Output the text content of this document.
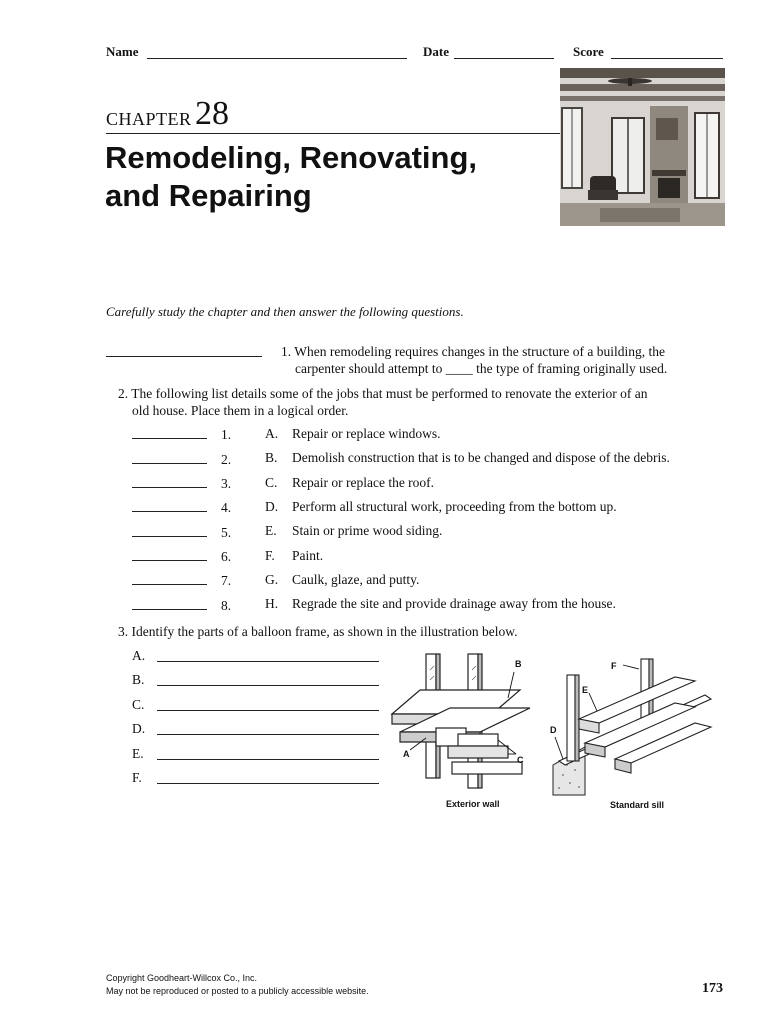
Name	Date	Score
CHAPTER 28
Remodeling, Renovating,
and Repairing
Carefully study the chapter and then answer the following questions.
1. When remodeling requires changes in the structure of a building, the
carpenter should attempt to ____ the type of framing originally used.
2. The following list details some of the jobs that must be performed to renovate the exterior of an
old house. Place them in a logical order.
1.	A. Repair or replace windows.
2.	B. Demolish construction that is to be changed and dispose of the debris.
3.	C. Repair or replace the roof.
4.	D. Perform all structural work, proceeding from the bottom up.
5.	E. Stain or prime wood siding.
6.	F. Paint.
7.	G. Caulk, glaze, and putty.
8.	H. Regrade the site and provide drainage away from the house.
3. Identify the parts of a balloon frame, as shown in the illustration below.
A.
B.
C.
D.
E.
F.
B
A
C
F
E
D
Exterior wall	Standard sill
Copyright Goodheart-Willcox Co., Inc.
May not be reproduced or posted to a publicly accessible website.	173
